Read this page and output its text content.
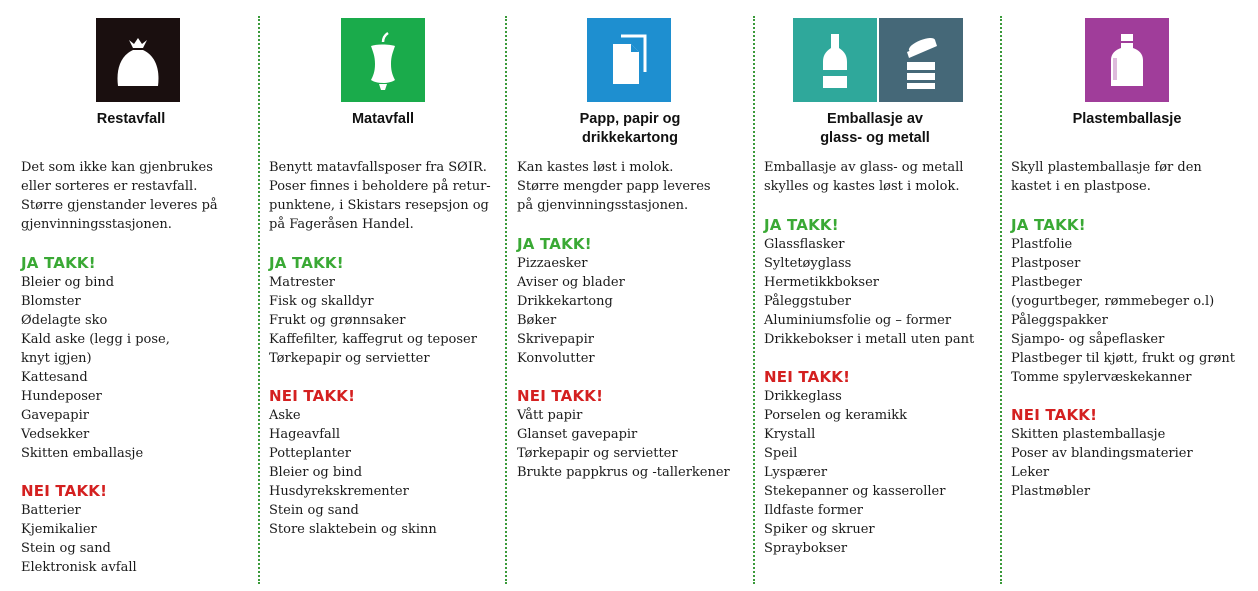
Restavfall
Det som ikke kan gjenbrukes
eller sorteres er restavfall.
Større gjenstander leveres på
gjenvinningsstasjonen.
JA TAKK!
Bleier og bind
Blomster
Ødelagte sko
Kald aske (legg i pose,
knyt igjen)
Kattesand
Hundeposer
Gavepapir
Vedsekker
Skitten emballasje
NEI TAKK!
Batterier
Kjemikalier
Stein og sand
Elektronisk avfall
Matavfall
Benytt matavfallsposer fra SØIR.
Poser finnes i beholdere på retur-
punktene, i Skistars resepsjon og
på Fageråsen Handel.
JA TAKK!
Matrester
Fisk og skalldyr
Frukt og grønnsaker
Kaffefilter, kaffegrut og teposer
Tørkepapir og servietter
NEI TAKK!
Aske
Hageavfall
Potteplanter
Bleier og bind
Husdyrekskrementer
Stein og sand
Store slaktebein og skinn
Papp, papir og
drikkekartong
Kan kastes løst i molok.
Større mengder papp leveres
på gjenvinningsstasjonen.
JA TAKK!
Pizzaesker
Aviser og blader
Drikkekartong
Bøker
Skrivepapir
Konvolutter
NEI TAKK!
Vått papir
Glanset gavepapir
Tørkepapir og servietter
Brukte pappkrus og -tallerkener
Emballasje av
glass- og metall
Emballasje av glass- og metall
skylles og kastes løst i molok.
JA TAKK!
Glassflasker
Syltetøyglass
Hermetikkbokser
Påleggstuber
Aluminiumsfolie og – former
Drikkebokser i metall uten pant
NEI TAKK!
Drikkeglass
Porselen og keramikk
Krystall
Speil
Lyspærer
Stekepanner og kasseroller
Ildfaste former
Spiker og skruer
Spraybokser
Plastemballasje
Skyll plastemballasje før den
kastet i en plastpose.
JA TAKK!
Plastfolie
Plastposer
Plastbeger
(yogurtbeger, rømmebeger o.l)
Påleggspakker
Sjampo- og såpeflasker
Plastbeger til kjøtt, frukt og grønt
Tomme spylervæskekanner
NEI TAKK!
Skitten plastemballasje
Poser av blandingsmaterier
Leker
Plastmøbler
